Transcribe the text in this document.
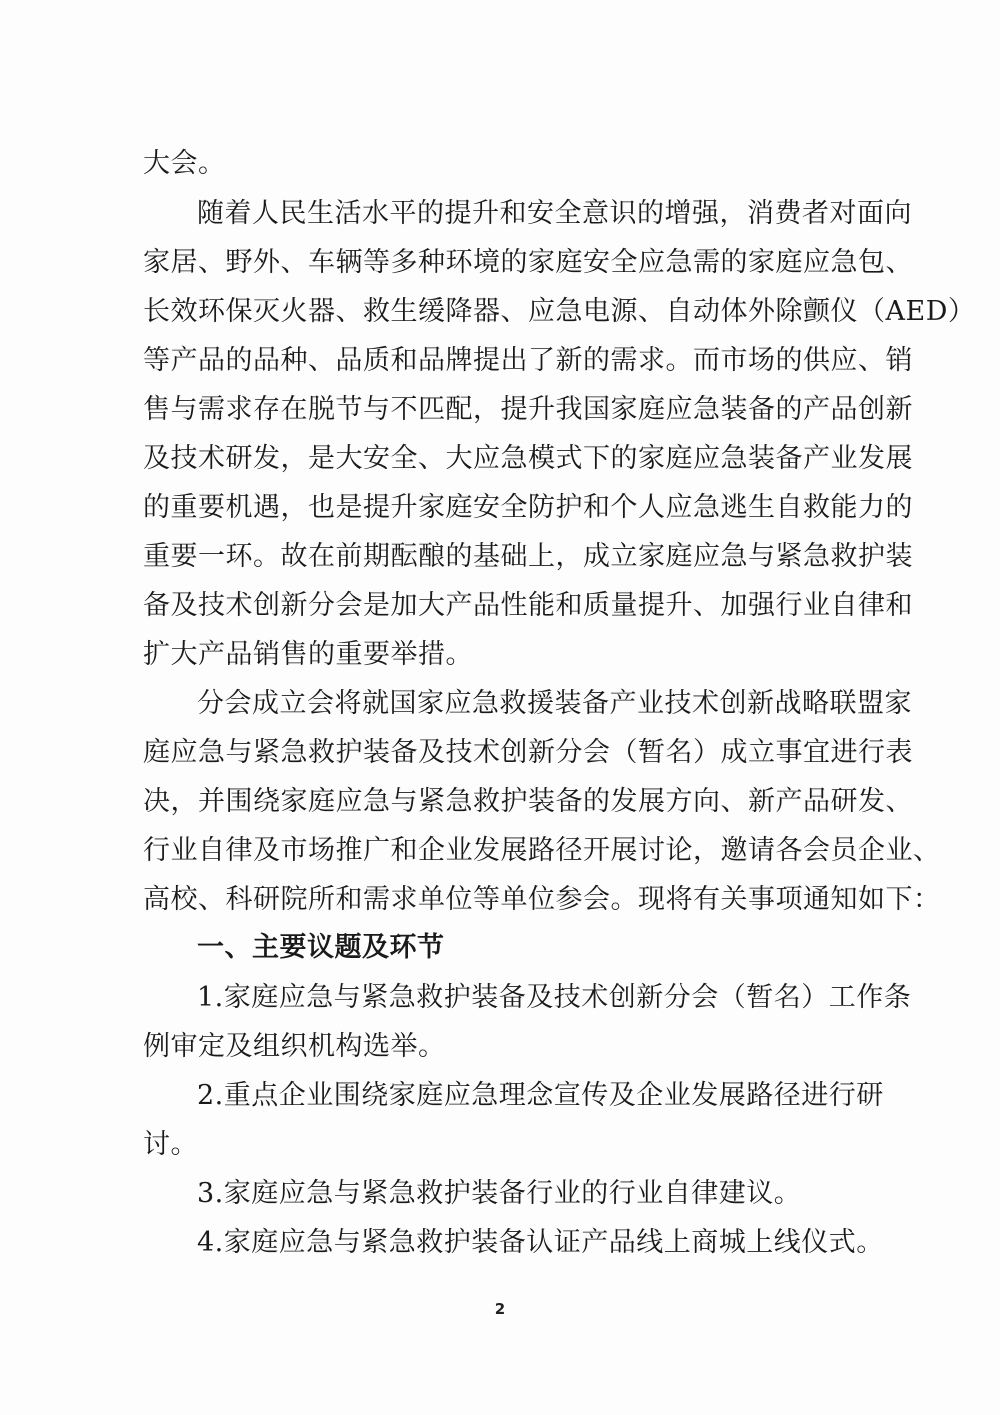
大会。
随着人民生活水平的提升和安全意识的增强，消费者对面向
家居、野外、车辆等多种环境的家庭安全应急需的家庭应急包、
长效环保灭火器、救生缓降器、应急电源、自动体外除颤仪（AED）
等产品的品种、品质和品牌提出了新的需求。而市场的供应、销
售与需求存在脱节与不匹配，提升我国家庭应急装备的产品创新
及技术研发，是大安全、大应急模式下的家庭应急装备产业发展
的重要机遇，也是提升家庭安全防护和个人应急逃生自救能力的
重要一环。故在前期酝酿的基础上，成立家庭应急与紧急救护装
备及技术创新分会是加大产品性能和质量提升、加强行业自律和
扩大产品销售的重要举措。
分会成立会将就国家应急救援装备产业技术创新战略联盟家
庭应急与紧急救护装备及技术创新分会（暂名）成立事宜进行表
决，并围绕家庭应急与紧急救护装备的发展方向、新产品研发、
行业自律及市场推广和企业发展路径开展讨论，邀请各会员企业、
高校、科研院所和需求单位等单位参会。现将有关事项通知如下：
一、主要议题及环节
1.家庭应急与紧急救护装备及技术创新分会（暂名）工作条
例审定及组织机构选举。
2.重点企业围绕家庭应急理念宣传及企业发展路径进行研
讨。
3.家庭应急与紧急救护装备行业的行业自律建议。
4.家庭应急与紧急救护装备认证产品线上商城上线仪式。
2
